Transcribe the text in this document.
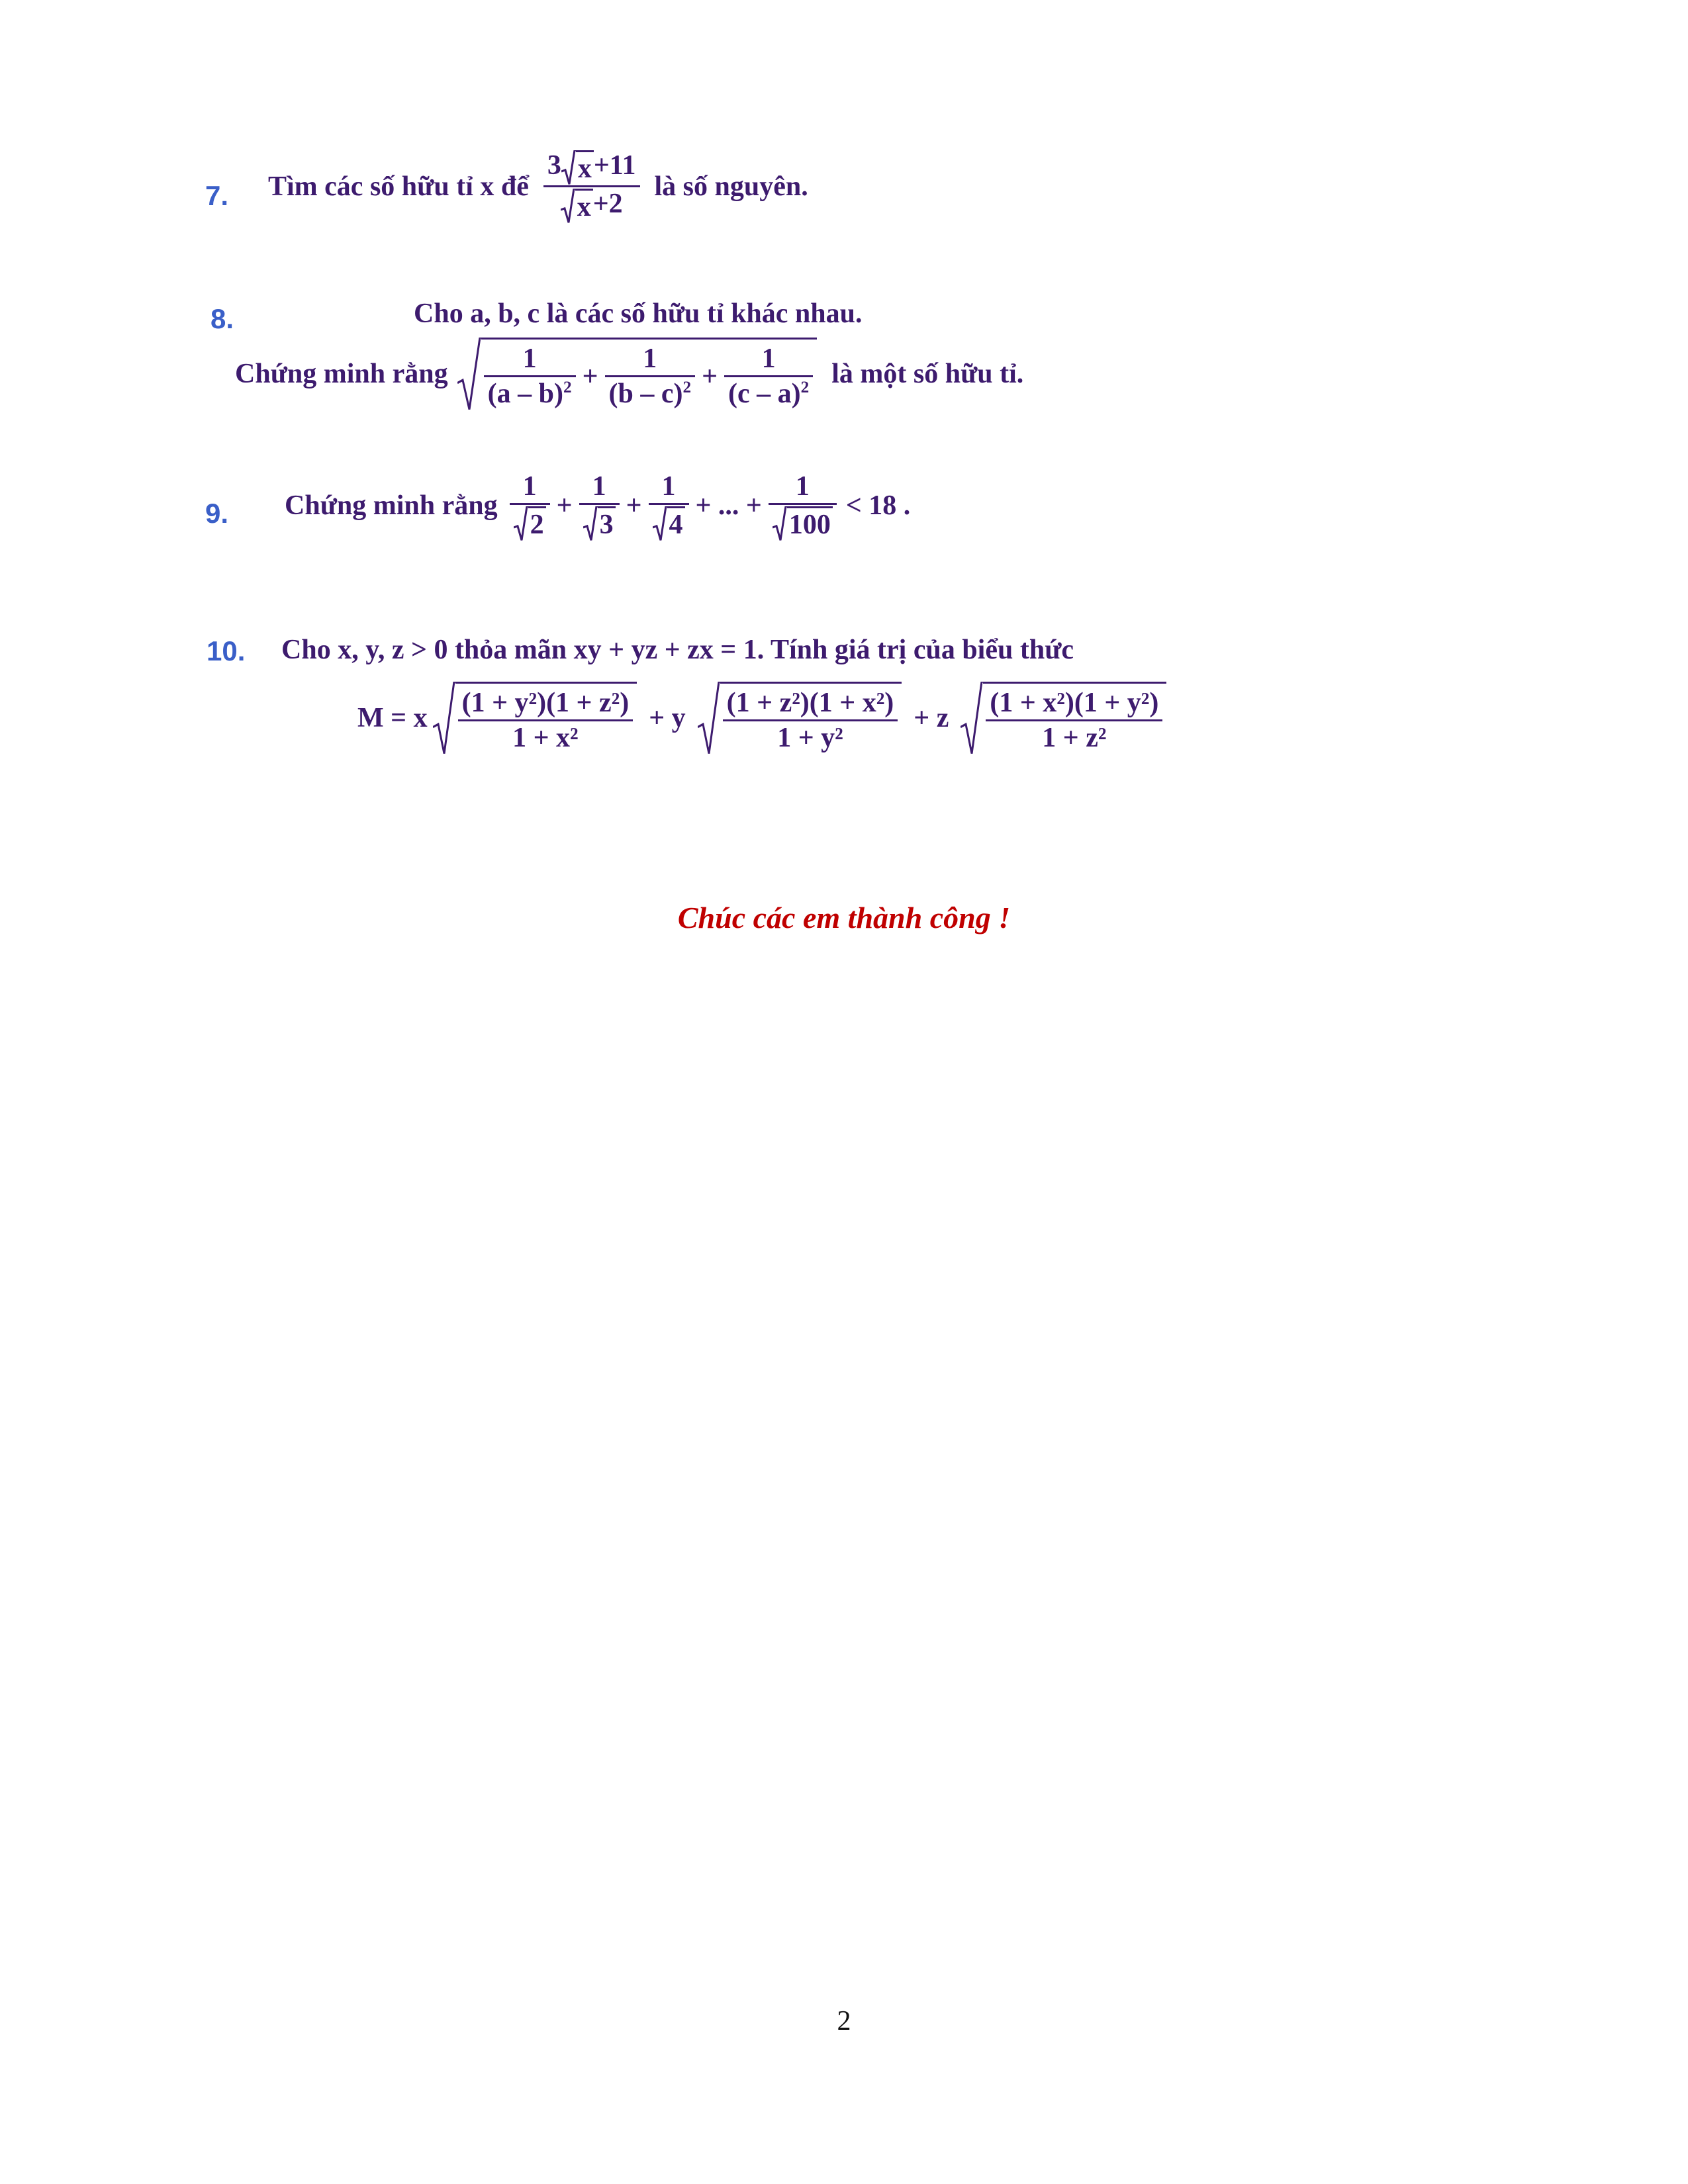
7. Tìm các số hữu tỉ x để $\frac{3 x +11}{x +2}$ là số nguyên.
8.	Cho a, b, c là các số hữu tỉ khác nhau.
Chứng minh rằng $\frac{1}{(a - b)^2} + \frac{1}{(b - c)^2} + \frac{1}{(c - a)^2}$ là một số hữu tỉ.
9. Chứng minh rằng $\frac{1}{2} + \frac{1}{3} + \frac{1}{4}$ + ... + $\frac{1}{100} < 18$ .
10. Cho x, y, z > 0 thỏa mãn xy + yz + zx = 1. Tính giá trị của biểu thức
M = x $\frac{\text{(1 + y²)(1 + z²)}}{\text{1 + x²}} + y \frac{\text{(1 + z²)(1 + x²)}}{\text{1 + y²}} + z \frac{\text{(1 + x²)(1 + y²)}}{\text{1 + z²}}$
Chúc các em thành công !
2
